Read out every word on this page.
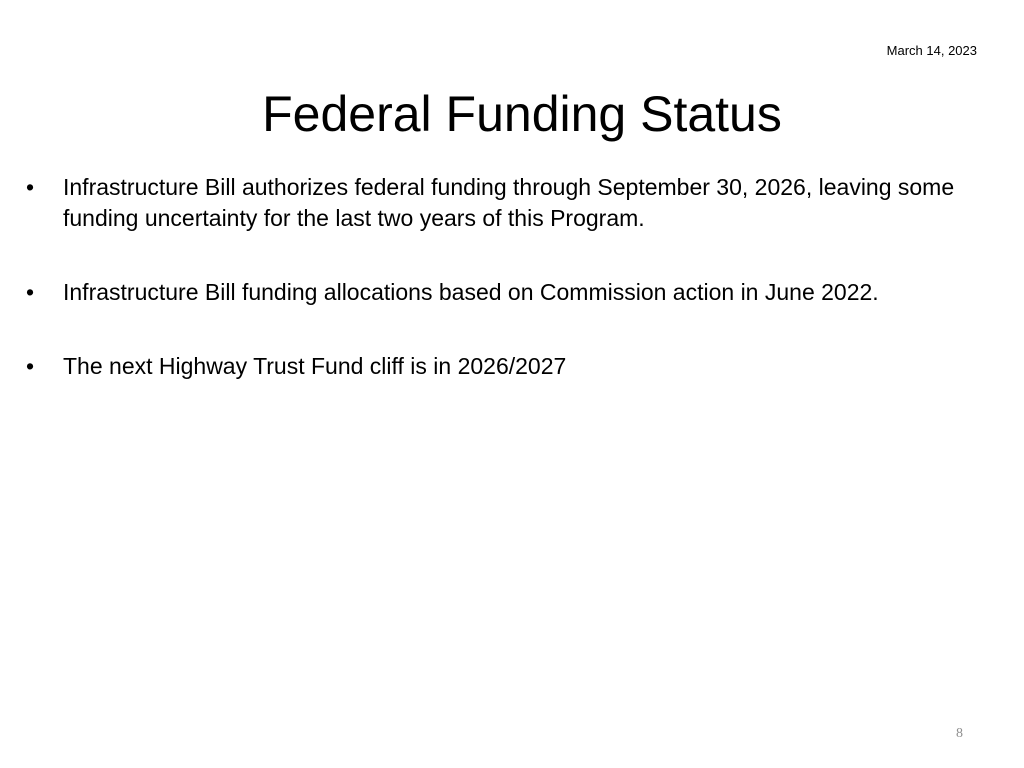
March 14, 2023
Federal Funding Status
•	Infrastructure Bill authorizes federal funding through September 30, 2026, leaving some funding uncertainty for the last two years of this Program.
•	Infrastructure Bill funding allocations based on Commission action in June 2022.
•	The next Highway Trust Fund cliff is in 2026/2027
8
